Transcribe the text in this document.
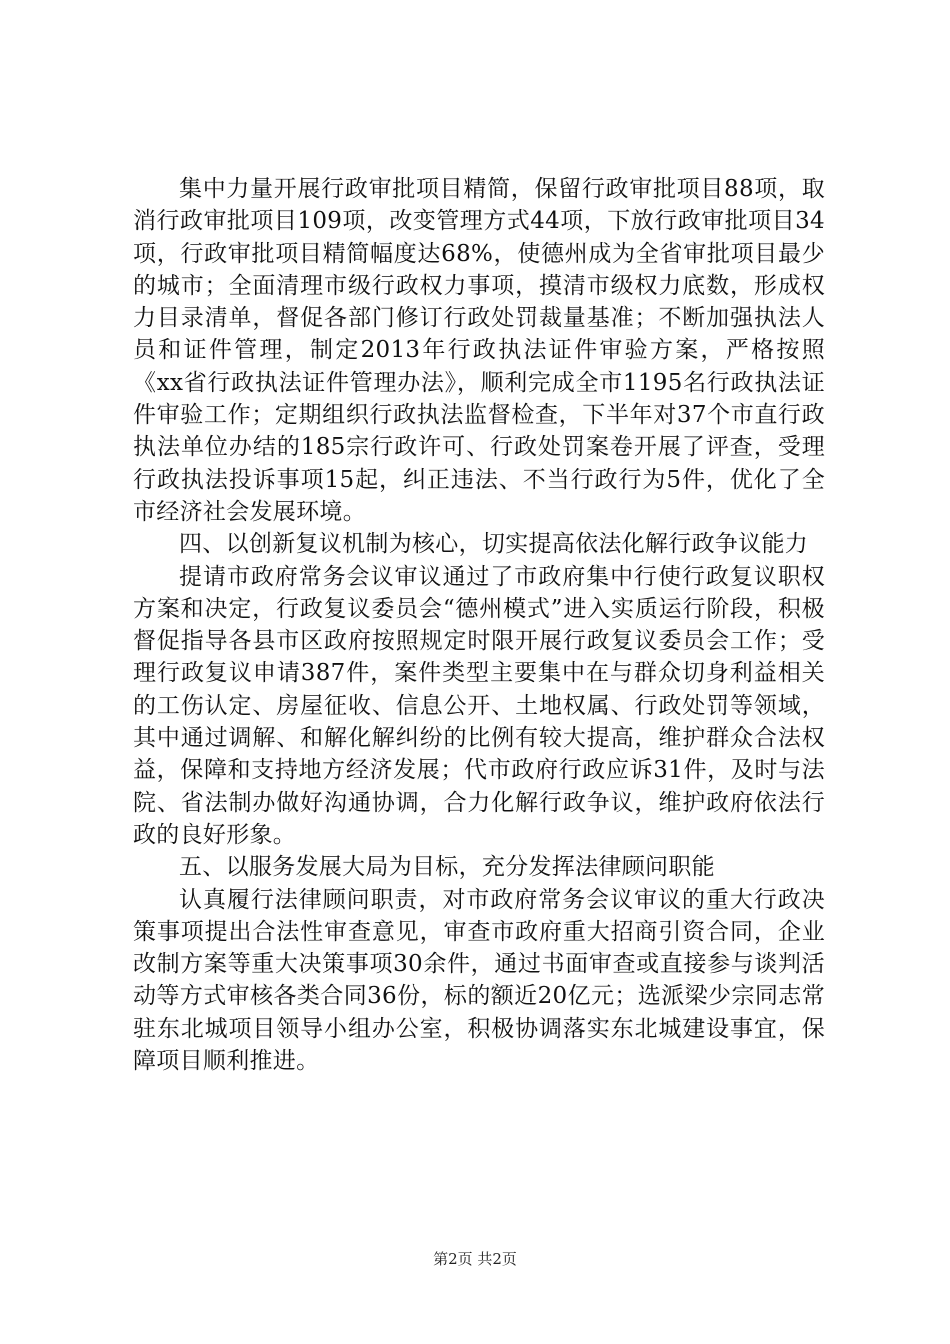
集中力量开展行政审批项目精简，保留行政审批项目88项，取消行政审批项目109项，改变管理方式44项，下放行政审批项目34项，行政审批项目精简幅度达68%，使德州成为全省审批项目最少的城市；全面清理市级行政权力事项，摸清市级权力底数，形成权力目录清单，督促各部门修订行政处罚裁量基准；不断加强执法人员和证件管理，制定2013年行政执法证件审验方案，严格按照《xx省行政执法证件管理办法》，顺利完成全市1195名行政执法证件审验工作；定期组织行政执法监督检查，下半年对37个市直行政执法单位办结的185宗行政许可、行政处罚案卷开展了评查，受理行政执法投诉事项15起，纠正违法、不当行政行为5件，优化了全市经济社会发展环境。

四、以创新复议机制为核心，切实提高依法化解行政争议能力

提请市政府常务会议审议通过了市政府集中行使行政复议职权方案和决定，行政复议委员会“德州模式”进入实质运行阶段，积极督促指导各县市区政府按照规定时限开展行政复议委员会工作；受理行政复议申请387件，案件类型主要集中在与群众切身利益相关的工伤认定、房屋征收、信息公开、土地权属、行政处罚等领域，其中通过调解、和解化解纠纷的比例有较大提高，维护群众合法权益，保障和支持地方经济发展；代市政府行政应诉31件，及时与法院、省法制办做好沟通协调，合力化解行政争议，维护政府依法行政的良好形象。

五、以服务发展大局为目标，充分发挥法律顾问职能

认真履行法律顾问职责，对市政府常务会议审议的重大行政决策事项提出合法性审查意见，审查市政府重大招商引资合同，企业改制方案等重大决策事项30余件，通过书面审查或直接参与谈判活动等方式审核各类合同36份，标的额近20亿元；选派梁少宗同志常驻东北城项目领导小组办公室，积极协调落实东北城建设事宜，保障项目顺利推进。

第2页 共2页
